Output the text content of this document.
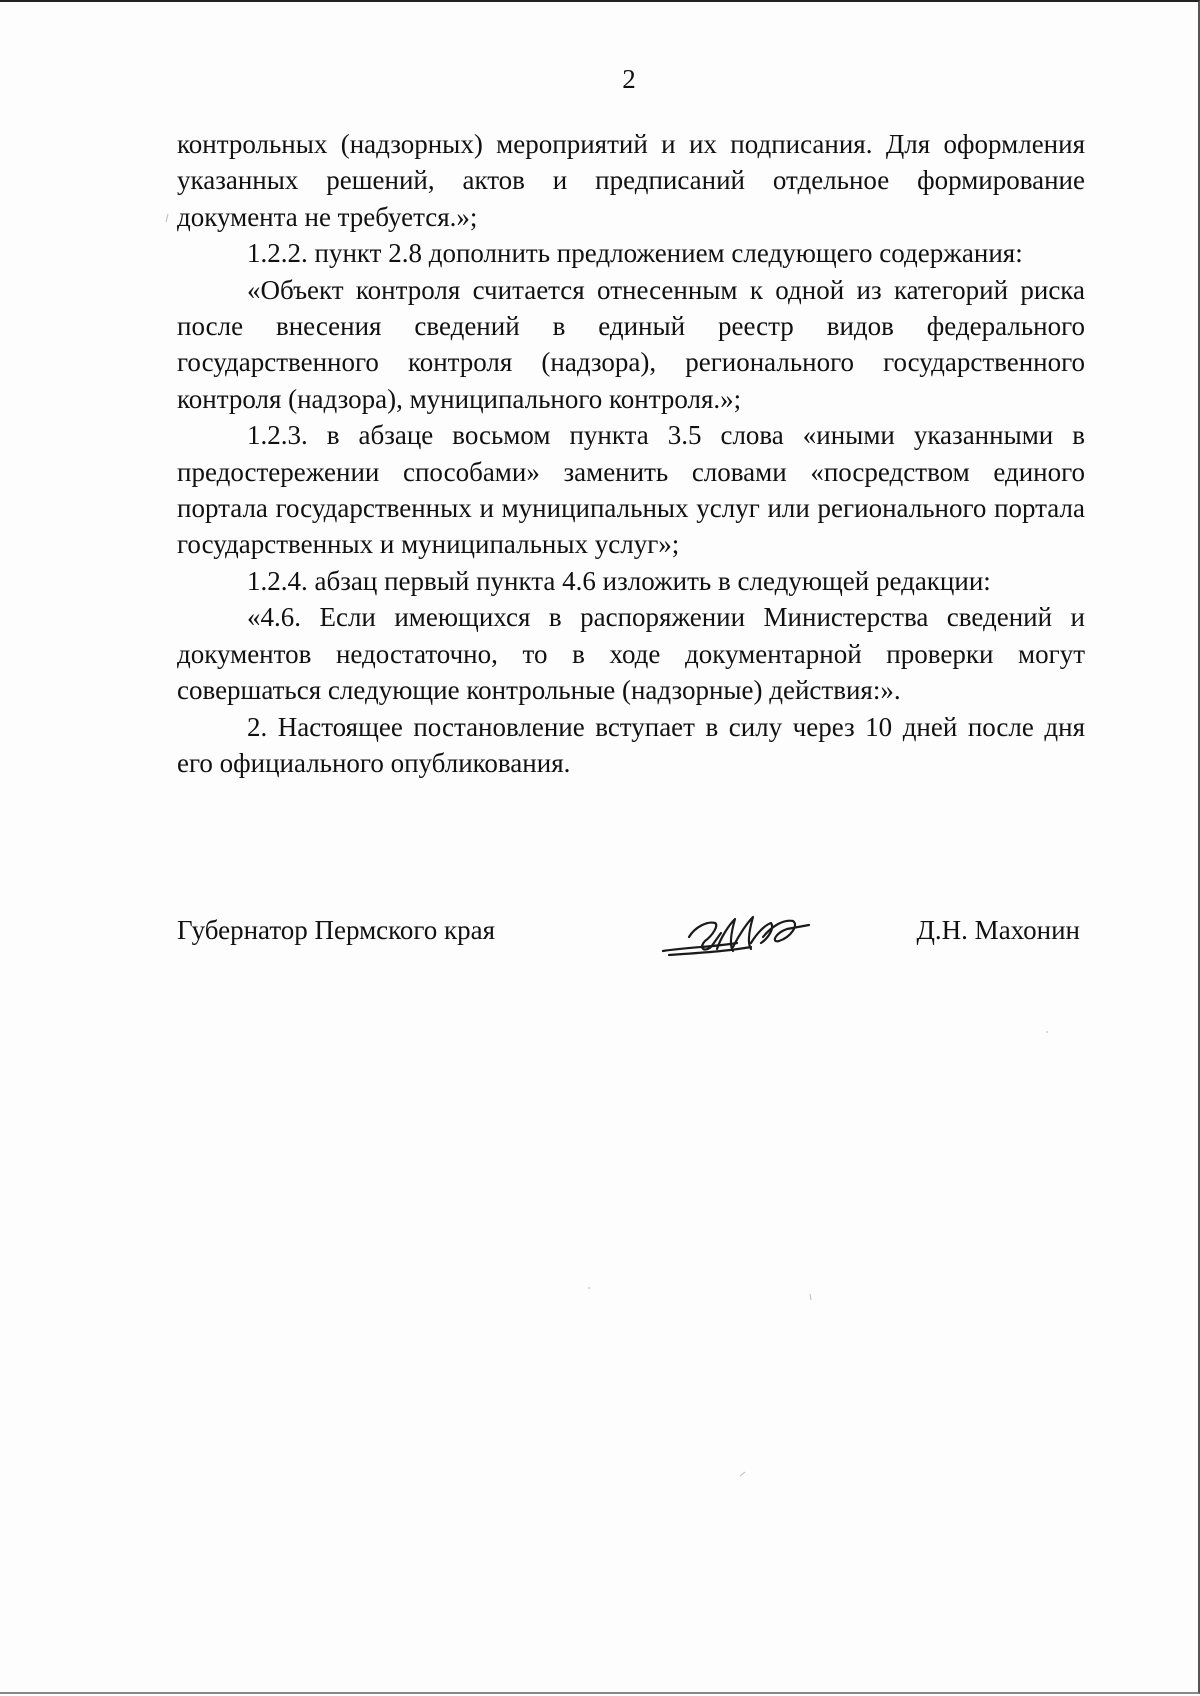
2

контрольных (надзорных) мероприятий и их подписания. Для оформления указанных решений, актов и предписаний отдельное формирование документа не требуется.»;

1.2.2. пункт 2.8 дополнить предложением следующего содержания:

«Объект контроля считается отнесенным к одной из категорий риска после внесения сведений в единый реестр видов федерального государственного контроля (надзора), регионального государственного контроля (надзора), муниципального контроля.»;

1.2.3. в абзаце восьмом пункта 3.5 слова «иными указанными в предостережении способами» заменить словами «посредством единого портала государственных и муниципальных услуг или регионального портала государственных и муниципальных услуг»;

1.2.4. абзац первый пункта 4.6 изложить в следующей редакции:

«4.6. Если имеющихся в распоряжении Министерства сведений и документов недостаточно, то в ходе документарной проверки могут совершаться следующие контрольные (надзорные) действия:».

2. Настоящее постановление вступает в силу через 10 дней после дня его официального опубликования.

Губернатор Пермского края	Д.Н. Махонин
